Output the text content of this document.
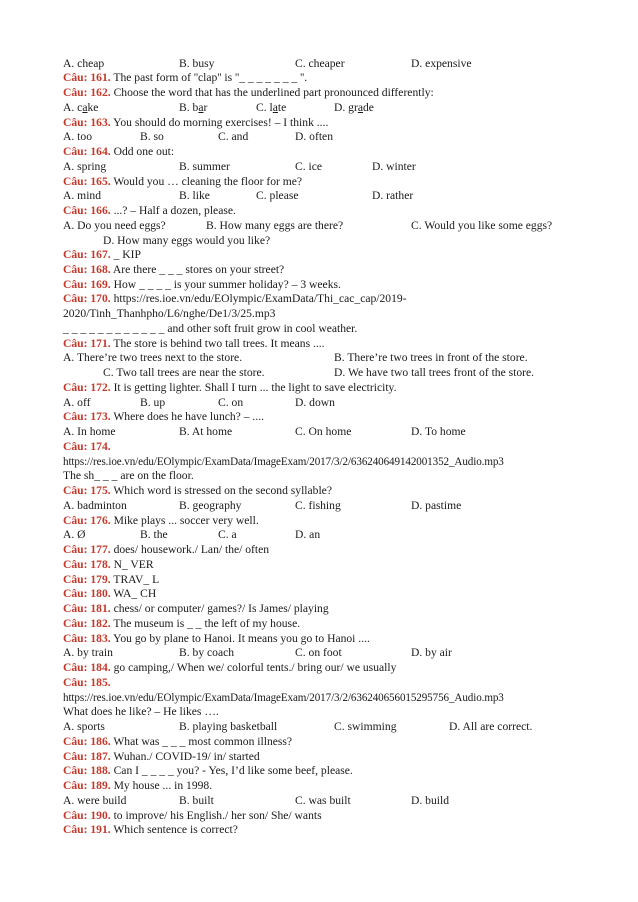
A. cheap	B. busy	C. cheaper	D. expensive
Câu: 161. The past form of ''clap'' is ''_ _ _ _ _ _ _ ''.
Câu: 162. Choose the word that has the underlined part pronounced differently:
A. cake	B. bar	C. late	D. grade
Câu: 163. You should do morning exercises! – I think ....
A. too	B. so	C. and	D. often
Câu: 164. Odd one out:
A. spring	B. summer	C. ice	D. winter
Câu: 165. Would you … cleaning the floor for me?
A. mind	B. like	C. please	D. rather
Câu: 166. ...? – Half a dozen, please.
A. Do you need eggs?	B. How many eggs are there?	C. Would you like some eggs?
D. How many eggs would you like?
Câu: 167. _ KIP
Câu: 168. Are there _ _ _ stores on your street?
Câu: 169. How _ _ _ _ is your summer holiday? – 3 weeks.
Câu: 170. https://res.ioe.vn/edu/EOlympic/ExamData/Thi_cac_cap/2019-
2020/Tinh_Thanhpho/L6/nghe/De1/3/25.mp3
_ _ _ _ _ _ _ _ _ _ _ _ and other soft fruit grow in cool weather.
Câu: 171. The store is behind two tall trees. It means ....
A. There’re two trees next to the store.	B. There’re two trees in front of the store.
C. Two tall trees are near the store.	D. We have two tall trees front of the store.
Câu: 172. It is getting lighter. Shall I turn ... the light to save electricity.
A. off	B. up	C. on	D. down
Câu: 173. Where does he have lunch? – ....
A. In home	B. At home	C. On home	D. To home
Câu: 174.
https://res.ioe.vn/edu/EOlympic/ExamData/ImageExam/2017/3/2/636240649142001352_Audio.mp3
The sh_ _ _ are on the floor.
Câu: 175. Which word is stressed on the second syllable?
A. badminton	B. geography	C. fishing	D. pastime
Câu: 176. Mike plays ... soccer very well.
A. Ø	B. the	C. a	D. an
Câu: 177. does/ housework./ Lan/ the/ often
Câu: 178. N_ VER
Câu: 179. TRAV_ L
Câu: 180. WA_ CH
Câu: 181. chess/ or computer/ games?/ Is James/ playing
Câu: 182. The museum is _ _ the left of my house.
Câu: 183. You go by plane to Hanoi. It means you go to Hanoi ....
A. by train	B. by coach	C. on foot	D. by air
Câu: 184. go camping,/ When we/ colorful tents./ bring our/ we usually
Câu: 185.
https://res.ioe.vn/edu/EOlympic/ExamData/ImageExam/2017/3/2/636240656015295756_Audio.mp3
What does he like? – He likes ….
A. sports	B. playing basketball	C. swimming	D. All are correct.
Câu: 186. What was _ _ _ most common illness?
Câu: 187. Wuhan./ COVID-19/ in/ started
Câu: 188. Can I _ _ _ _ you? - Yes, I’d like some beef, please.
Câu: 189. My house ... in 1998.
A. were build	B. built	C. was built	D. build
Câu: 190. to improve/ his English./ her son/ She/ wants
Câu: 191. Which sentence is correct?
